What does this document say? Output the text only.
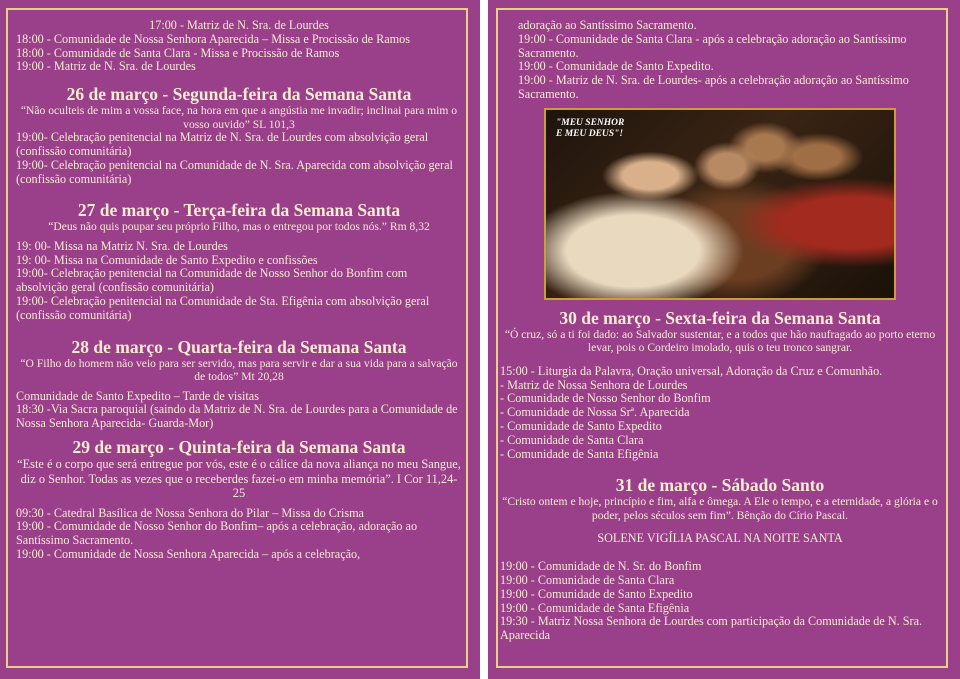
17:00 - Matriz de N. Sra. de Lourdes

18:00 - Comunidade de Nossa Senhora Aparecida – Missa e Procissão de Ramos

18:00 - Comunidade de Santa Clara - Missa e Procissão de Ramos

19:00 - Matriz de N. Sra. de Lourdes

26 de março - Segunda-feira da Semana Santa

“Não oculteis de mim a vossa face, na hora em que a angústia me invadir; inclinai para mim o vosso ouvido” SL 101,3

19:00- Celebração penitencial na Matriz de N. Sra. de Lourdes com absolvição geral (confissão comunitária)

19:00- Celebração penitencial na Comunidade de N. Sra. Aparecida com absolvição geral (confissão comunitária)

27 de março - Terça-feira da Semana Santa

“Deus não quis poupar seu próprio Filho, mas o entregou por todos nós.” Rm 8,32

19: 00- Missa na Matriz N. Sra. de Lourdes

19: 00- Missa na Comunidade de Santo Expedito e confissões

19:00- Celebração penitencial na Comunidade de Nosso Senhor do Bonfim com absolvição geral (confissão comunitária)

19:00- Celebração penitencial na Comunidade de Sta. Efigênia com absolvição geral (confissão comunitária)

28 de março - Quarta-feira da Semana Santa

“O Filho do homem não veio para ser servido, mas para servir e dar a sua vida para a salvação de todos” Mt 20,28

Comunidade de Santo Expedito – Tarde de visitas

18:30 -Via Sacra paroquial (saindo da Matriz de N. Sra. de Lourdes para a Comunidade de Nossa Senhora Aparecida- Guarda-Mor)

29 de março - Quinta-feira da Semana Santa

“Este é o corpo que será entregue por vós, este é o cálice da nova aliança no meu Sangue, diz o Senhor. Todas as vezes que o receberdes fazei-o em minha memória”. I Cor 11,24-25

09:30 - Catedral Basílica de Nossa Senhora do Pilar – Missa do Crisma

19:00 - Comunidade de Nosso Senhor do Bonfim– após a celebração, adoração ao Santíssimo Sacramento.

19:00 - Comunidade de Nossa Senhora Aparecida – após a celebração,

adoração ao Santíssimo Sacramento.

19:00 - Comunidade de Santa Clara - após a celebração adoração ao Santíssimo Sacramento.

19:00 - Comunidade de Santo Expedito.

19:00 - Matriz de N. Sra. de Lourdes- após a celebração adoração ao Santíssimo Sacramento.

"MEU SENHOR
E MEU DEUS"!
30 de março - Sexta-feira da Semana Santa

“Ó cruz, só a ti foi dado: ao Salvador sustentar, e a todos que hão naufragado ao porto eterno levar, pois o Cordeiro imolado, quis o teu tronco sangrar.

15:00 - Liturgia da Palavra, Oração universal, Adoração da Cruz e Comunhão.

- Matriz de Nossa Senhora de Lourdes

- Comunidade de Nosso Senhor do Bonfim

- Comunidade de Nossa Srª. Aparecida

- Comunidade de Santo Expedito

- Comunidade de Santa Clara

- Comunidade de Santa Efigênia

31 de março - Sábado Santo

“Cristo ontem e hoje, princípio e fim, alfa e ômega. A Ele o tempo, e a eternidade, a glória e o poder, pelos séculos sem fim”. Bênção do Círio Pascal.

SOLENE VIGÍLIA PASCAL NA NOITE SANTA

19:00 - Comunidade de N. Sr. do Bonfim

19:00 - Comunidade de Santa Clara

19:00 - Comunidade de Santo Expedito

19:00 - Comunidade de Santa Efigênia

19:30 - Matriz Nossa Senhora de Lourdes com participação da Comunidade de N. Sra. Aparecida
